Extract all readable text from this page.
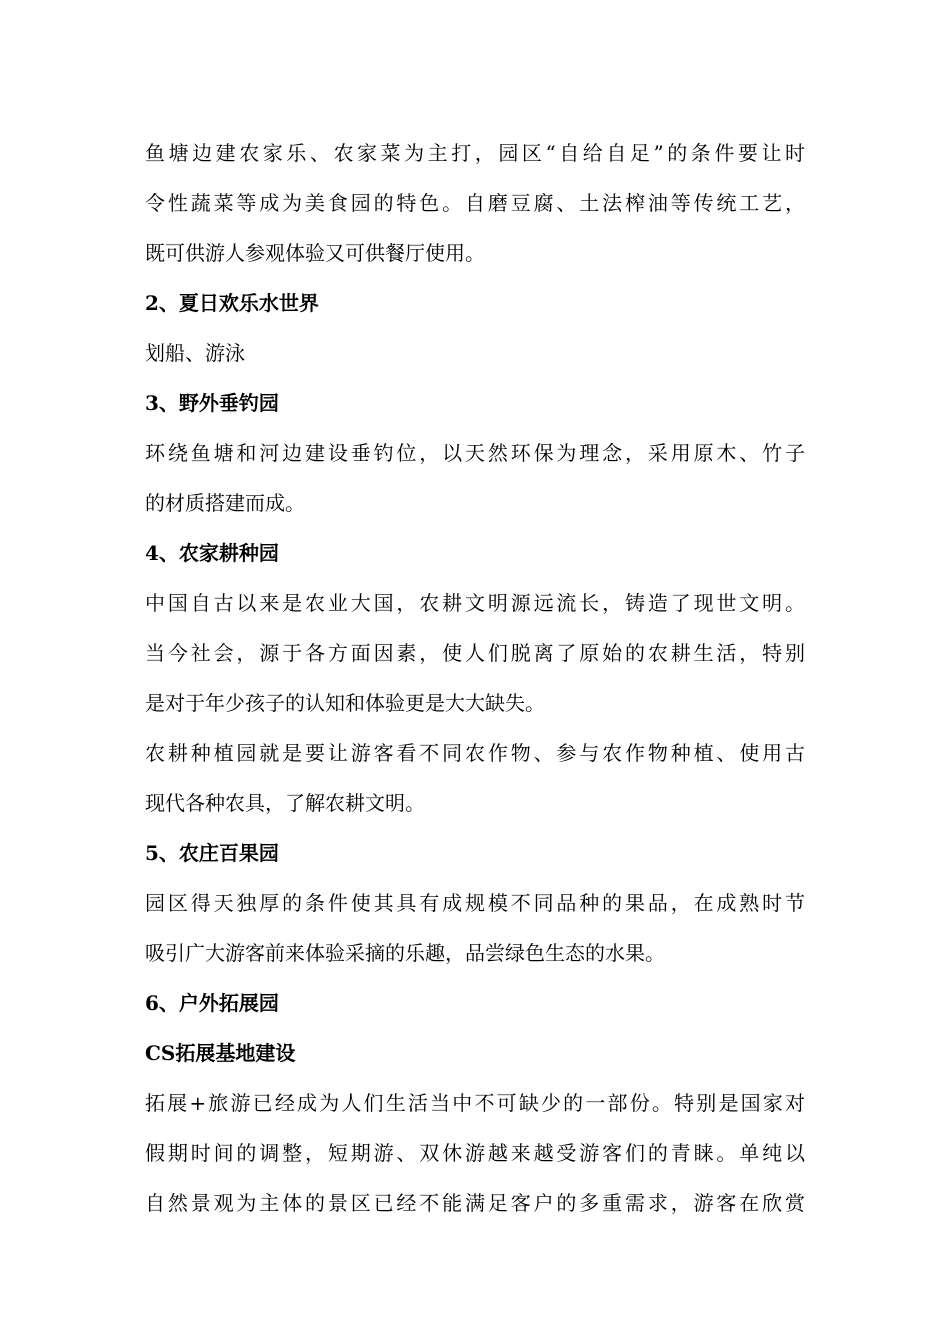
鱼塘边建农家乐、农家菜为主打，园区“自给自足”的条件要让时
令性蔬菜等成为美食园的特色。自磨豆腐、土法榨油等传统工艺，
既可供游人参观体验又可供餐厅使用。
2、夏日欢乐水世界
划船、游泳
3、野外垂钓园
环绕鱼塘和河边建设垂钓位，以天然环保为理念，采用原木、竹子
的材质搭建而成。
4、农家耕种园
中国自古以来是农业大国，农耕文明源远流长，铸造了现世文明。
当今社会，源于各方面因素，使人们脱离了原始的农耕生活，特别
是对于年少孩子的认知和体验更是大大缺失。
农耕种植园就是要让游客看不同农作物、参与农作物种植、使用古
现代各种农具，了解农耕文明。
5、农庄百果园
园区得天独厚的条件使其具有成规模不同品种的果品，在成熟时节
吸引广大游客前来体验采摘的乐趣，品尝绿色生态的水果。
6、户外拓展园
CS拓展基地建设
拓展+旅游已经成为人们生活当中不可缺少的一部份。特别是国家对
假期时间的调整，短期游、双休游越来越受游客们的青睐。单纯以
自然景观为主体的景区已经不能满足客户的多重需求，游客在欣赏
